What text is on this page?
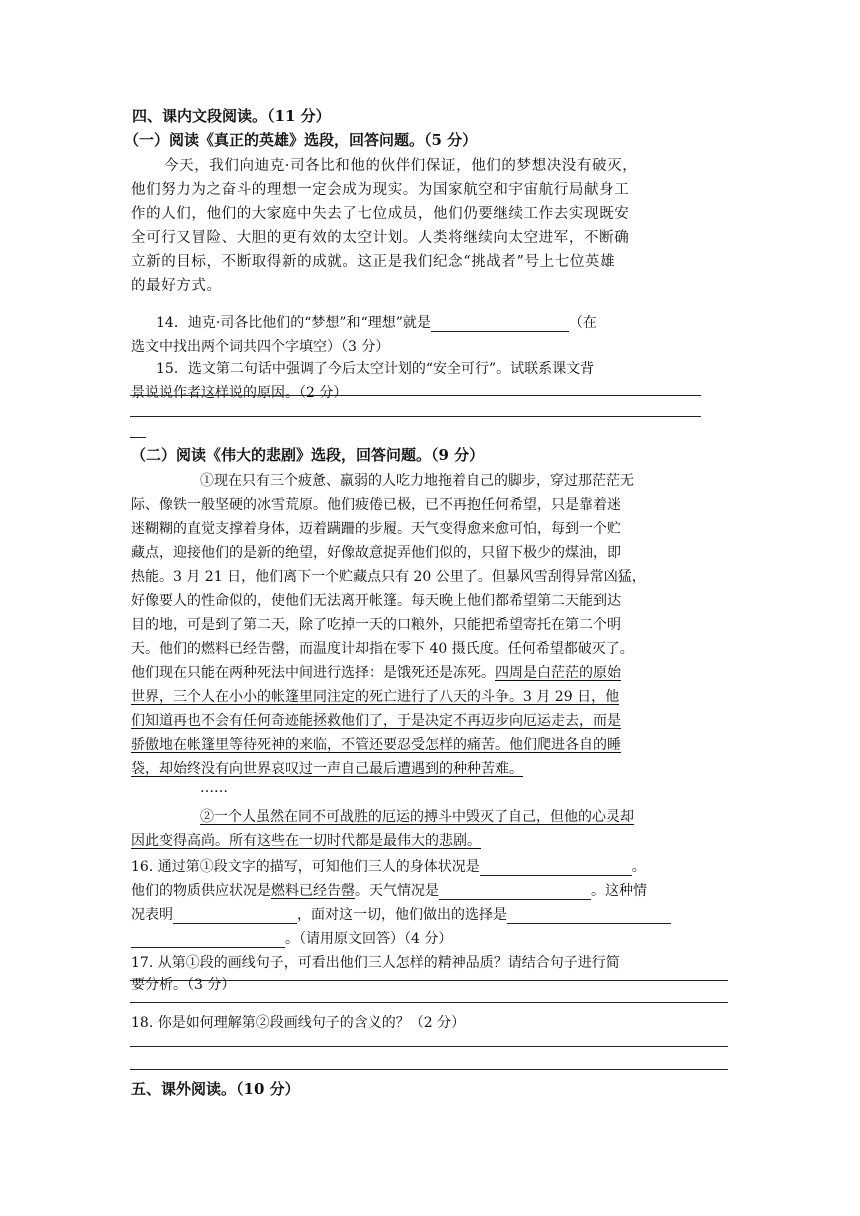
四、课内文段阅读。（11 分）
（一）阅读《真正的英雄》选段，回答问题。（5 分）
今天，我们向迪克·司各比和他的伙伴们保证，他们的梦想决没有破灭，
他们努力为之奋斗的理想一定会成为现实。为国家航空和宇宙航行局献身工
作的人们，他们的大家庭中失去了七位成员，他们仍要继续工作去实现既安
全可行又冒险、大胆的更有效的太空计划。人类将继续向太空进军，不断确
立新的目标，不断取得新的成就。这正是我们纪念“挑战者”号上七位英雄
的最好方式。
14．迪克·司各比他们的“梦想”和“理想”就是	（在
选文中找出两个词共四个字填空）（3 分）
15．选文第二句话中强调了今后太空计划的“安全可行”。试联系课文背
景说说作者这样说的原因。（2 分）
（二）阅读《伟大的悲剧》选段，回答问题。（9 分）
①现在只有三个疲惫、羸弱的人吃力地拖着自己的脚步，穿过那茫茫无
际、像铁一般坚硬的冰雪荒原。他们疲倦已极，已不再抱任何希望，只是靠着迷
迷糊糊的直觉支撑着身体，迈着蹒跚的步履。天气变得愈来愈可怕，每到一个贮
藏点，迎接他们的是新的绝望，好像故意捉弄他们似的，只留下极少的煤油，即
热能。3 月 21 日，他们离下一个贮藏点只有 20 公里了。但暴风雪刮得异常凶猛，
好像要人的性命似的，使他们无法离开帐篷。每天晚上他们都希望第二天能到达
目的地，可是到了第二天，除了吃掉一天的口粮外，只能把希望寄托在第二个明
天。他们的燃料已经告罄，而温度计却指在零下 40 摄氏度。任何希望都破灭了。
他们现在只能在两种死法中间进行选择：是饿死还是冻死。四周是白茫茫的原始
世界，三个人在小小的帐篷里同注定的死亡进行了八天的斗争。3 月 29 日，他
们知道再也不会有任何奇迹能拯救他们了，于是决定不再迈步向厄运走去，而是
骄傲地在帐篷里等待死神的来临，不管还要忍受怎样的痛苦。他们爬进各自的睡
袋，却始终没有向世界哀叹过一声自己最后遭遇到的种种苦难。
……
②一个人虽然在同不可战胜的厄运的搏斗中毁灭了自己，但他的心灵却
因此变得高尚。所有这些在一切时代都是最伟大的悲剧。
16. 通过第①段文字的描写，可知他们三人的身体状况是	。
他们的物质供应状况是燃料已经告罄。天气情况是	。这种情
况表明	，面对这一切，他们做出的选择是
。（请用原文回答）（4 分）
17. 从第①段的画线句子，可看出他们三人怎样的精神品质？请结合句子进行简
要分析。（3 分）
18. 你是如何理解第②段画线句子的含义的？（2 分）
五、课外阅读。（10 分）
